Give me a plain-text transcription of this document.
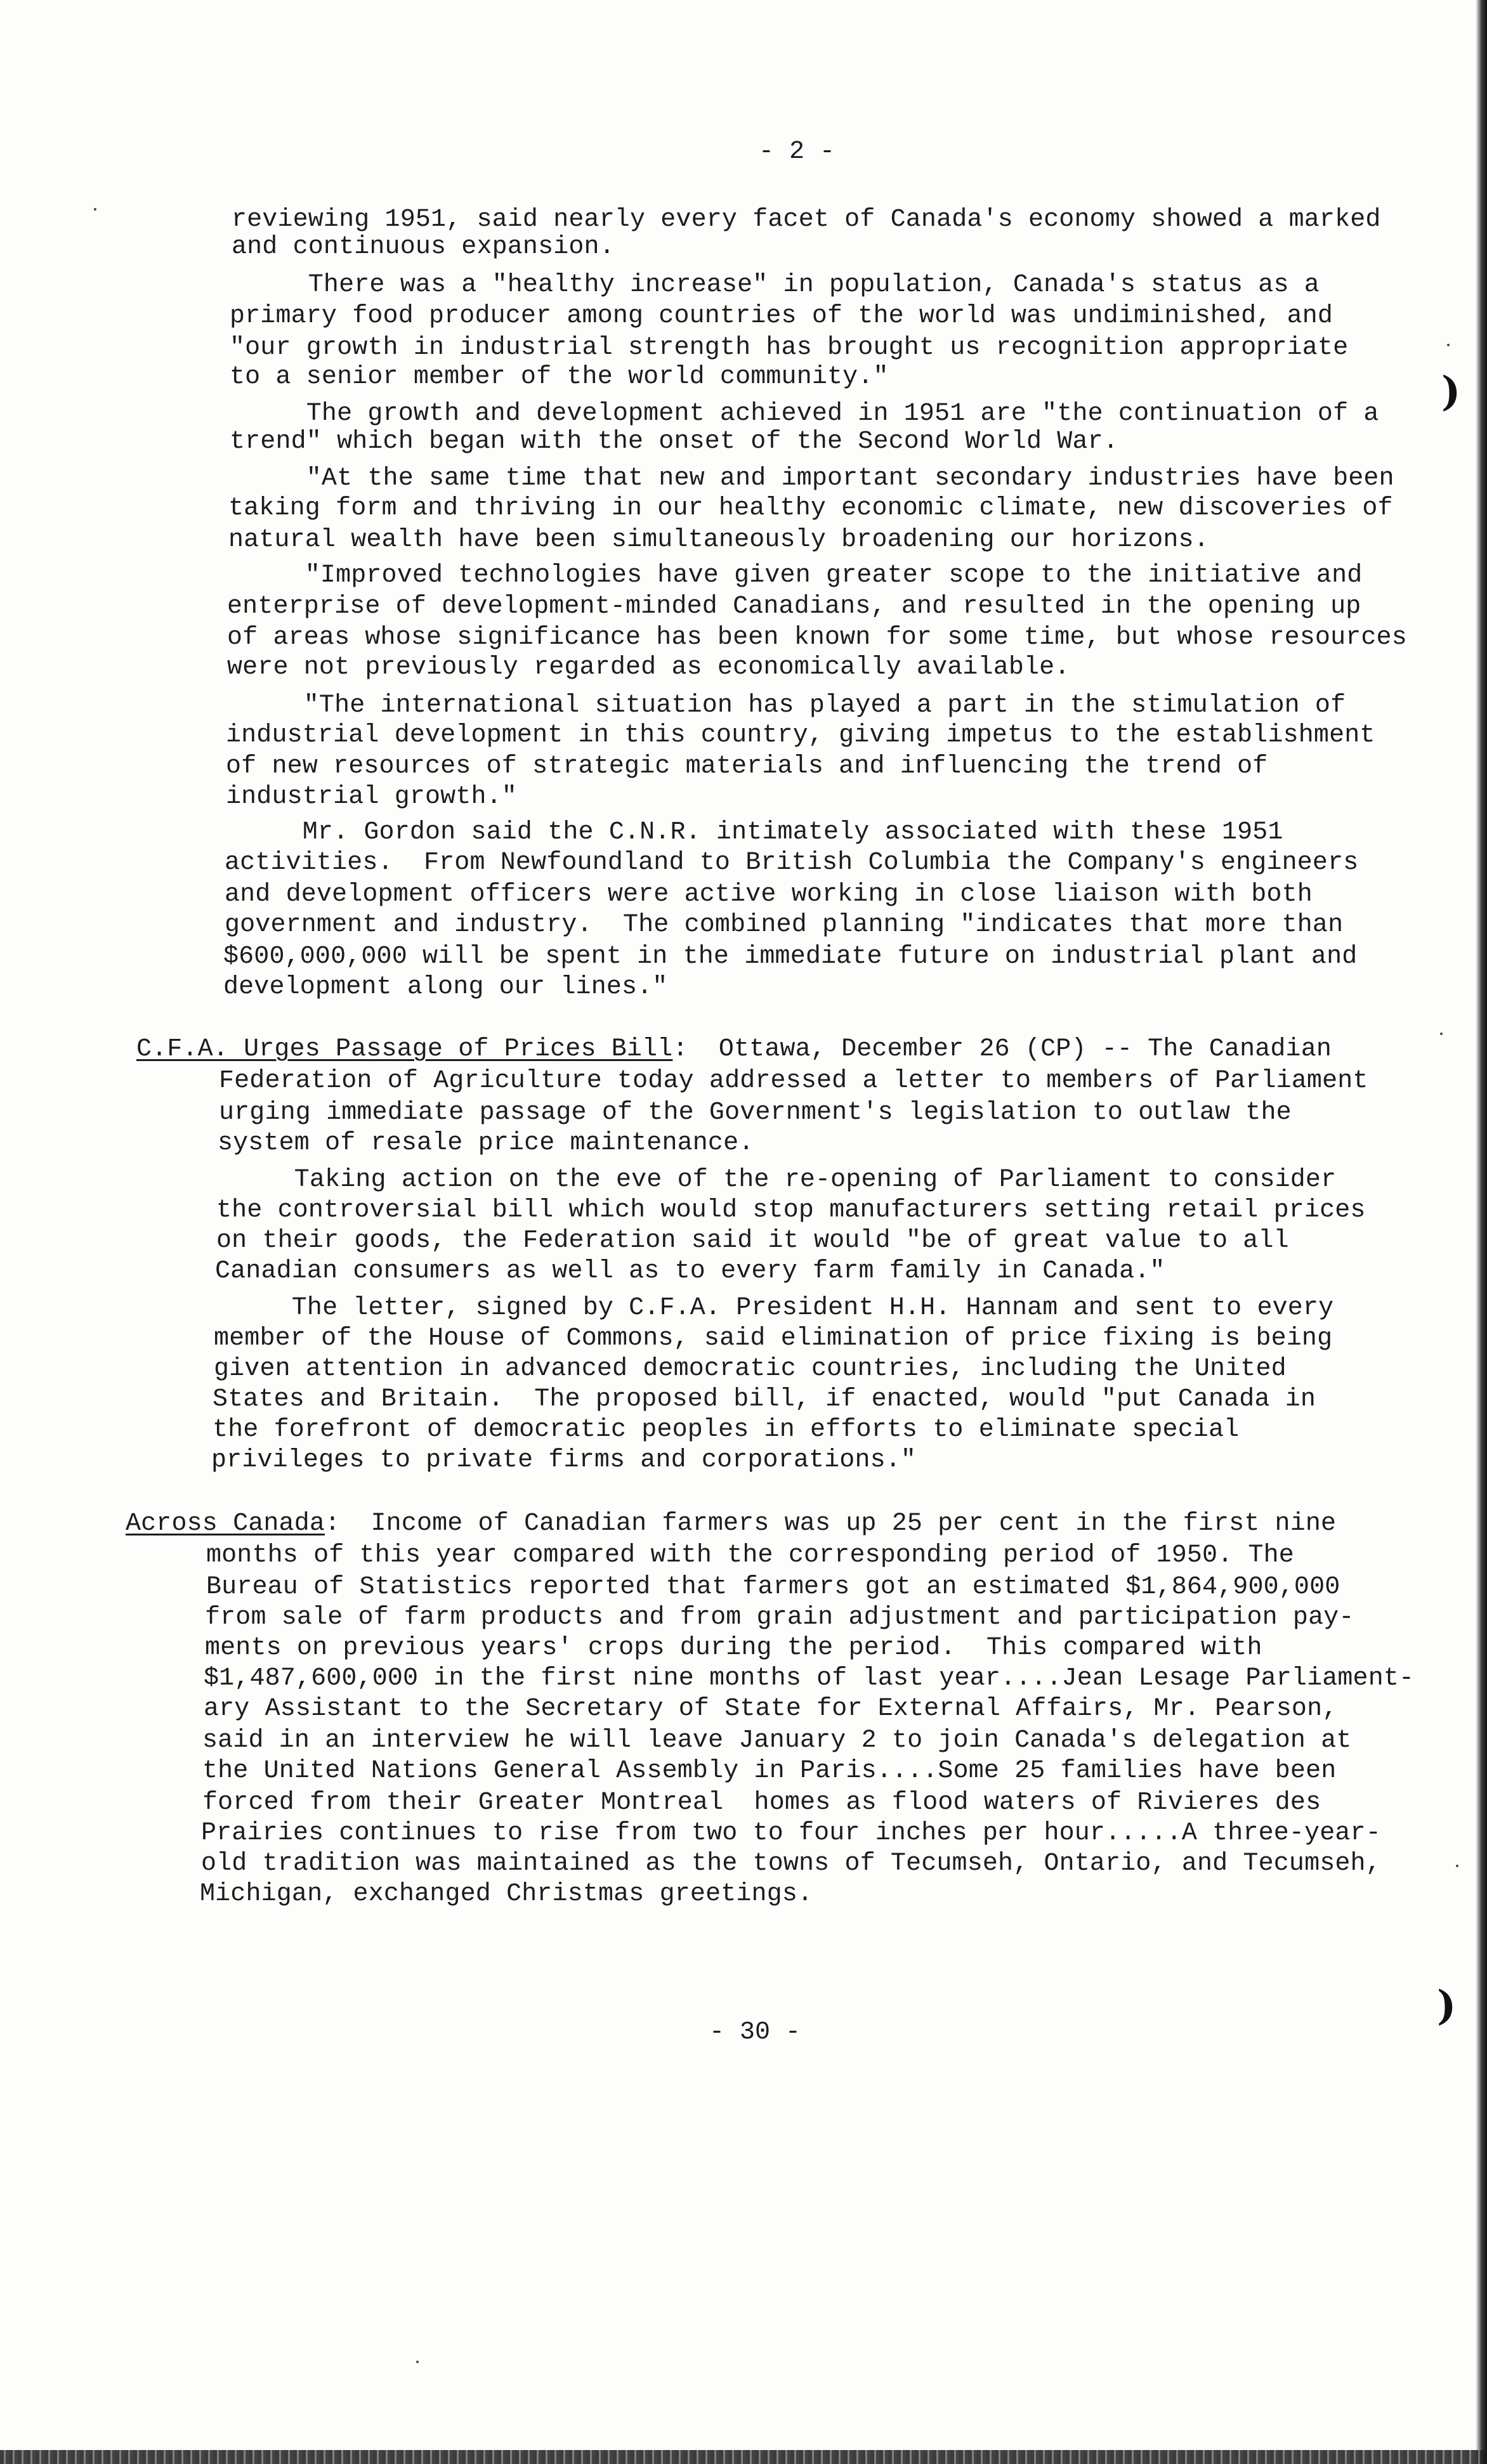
- 2 -
reviewing 1951, said nearly every facet of Canada's economy showed a marked
and continuous expansion.
There was a "healthy increase" in population, Canada's status as a
primary food producer among countries of the world was undiminished, and
"our growth in industrial strength has brought us recognition appropriate
to a senior member of the world community."
The growth and development achieved in 1951 are "the continuation of a
trend" which began with the onset of the Second World War.
"At the same time that new and important secondary industries have been
taking form and thriving in our healthy economic climate, new discoveries of
natural wealth have been simultaneously broadening our horizons.
"Improved technologies have given greater scope to the initiative and
enterprise of development-minded Canadians, and resulted in the opening up
of areas whose significance has been known for some time, but whose resources
were not previously regarded as economically available.
"The international situation has played a part in the stimulation of
industrial development in this country, giving impetus to the establishment
of new resources of strategic materials and influencing the trend of
industrial growth."
Mr. Gordon said the C.N.R. intimately associated with these 1951
activities.  From Newfoundland to British Columbia the Company's engineers
and development officers were active working in close liaison with both
government and industry.  The combined planning "indicates that more than
$600,000,000 will be spent in the immediate future on industrial plant and
development along our lines."
C.F.A. Urges Passage of Prices Bill:  Ottawa, December 26 (CP) -- The Canadian
Federation of Agriculture today addressed a letter to members of Parliament
urging immediate passage of the Government's legislation to outlaw the
system of resale price maintenance.
Taking action on the eve of the re-opening of Parliament to consider
the controversial bill which would stop manufacturers setting retail prices
on their goods, the Federation said it would "be of great value to all
Canadian consumers as well as to every farm family in Canada."
The letter, signed by C.F.A. President H.H. Hannam and sent to every
member of the House of Commons, said elimination of price fixing is being
given attention in advanced democratic countries, including the United
States and Britain.  The proposed bill, if enacted, would "put Canada in
the forefront of democratic peoples in efforts to eliminate special
privileges to private firms and corporations."
Across Canada:  Income of Canadian farmers was up 25 per cent in the first nine
months of this year compared with the corresponding period of 1950. The
Bureau of Statistics reported that farmers got an estimated $1,864,900,000
from sale of farm products and from grain adjustment and participation pay-
ments on previous years' crops during the period.  This compared with
$1,487,600,000 in the first nine months of last year....Jean Lesage Parliament-
ary Assistant to the Secretary of State for External Affairs, Mr. Pearson,
said in an interview he will leave January 2 to join Canada's delegation at
the United Nations General Assembly in Paris....Some 25 families have been
forced from their Greater Montreal  homes as flood waters of Rivieres des
Prairies continues to rise from two to four inches per hour.....A three-year-
old tradition was maintained as the towns of Tecumseh, Ontario, and Tecumseh,
Michigan, exchanged Christmas greetings.
- 30 -
)
)
